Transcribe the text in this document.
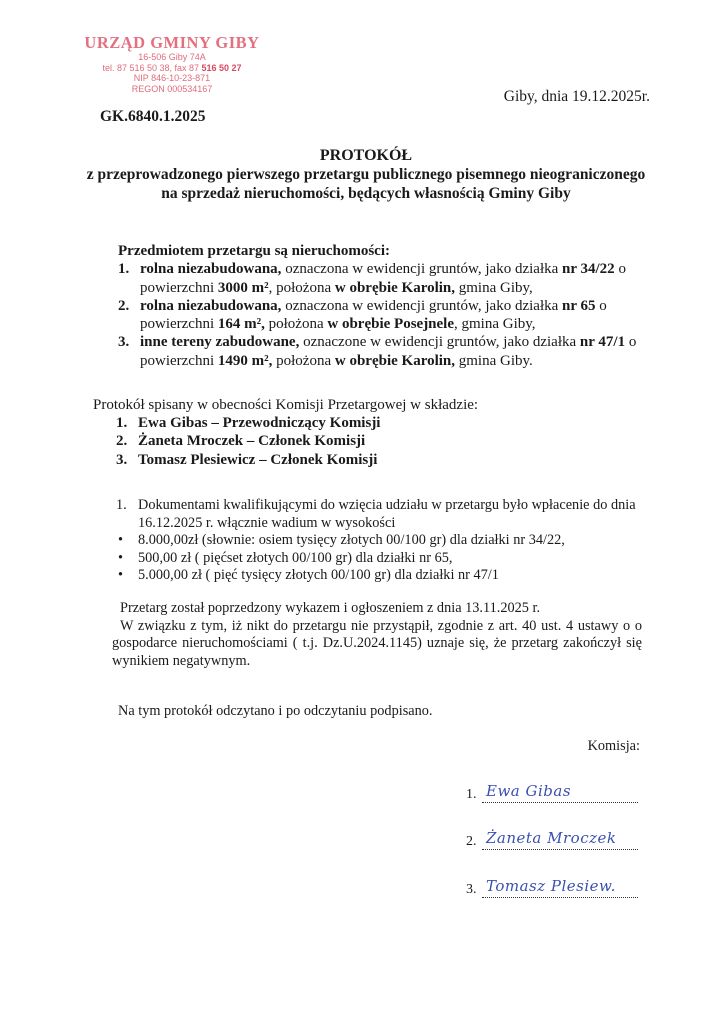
URZĄD GMINY GIBY
16-506 Giby 74A
tel. 87 516 50 38, fax 87 516 50 27
NIP 846-10-23-871
REGON 000534167	Giby, dnia 19.12.2025r.
GK.6840.1.2025
PROTOKÓŁ
z przeprowadzonego pierwszego przetargu publicznego pisemnego nieograniczonego na sprzedaż nieruchomości, będących własnością Gminy Giby
Przedmiotem przetargu są nieruchomości:
1. rolna niezabudowana, oznaczona w ewidencji gruntów, jako działka nr 34/22 o powierzchni 3000 m², położona w obrębie Karolin, gmina Giby,
2. rolna niezabudowana, oznaczona w ewidencji gruntów, jako działka nr 65 o powierzchni 164 m², położona w obrębie Posejnele, gmina Giby,
3. inne tereny zabudowane, oznaczone w ewidencji gruntów, jako działka nr 47/1 o powierzchni 1490 m², położona w obrębie Karolin, gmina Giby.
Protokół spisany w obecności Komisji Przetargowej w składzie:
1. Ewa Gibas – Przewodniczący Komisji
2. Żaneta Mroczek – Członek Komisji
3. Tomasz Plesiewicz – Członek Komisji
1. Dokumentami kwalifikującymi do wzięcia udziału w przetargu było wpłacenie do dnia 16.12.2025 r. włącznie wadium w wysokości
• 8.000,00zł (słownie: osiem tysięcy złotych 00/100 gr) dla działki nr 34/22,
• 500,00 zł ( pięćset złotych 00/100 gr) dla działki nr 65,
• 5.000,00 zł ( pięć tysięcy złotych 00/100 gr) dla działki nr 47/1
Przetarg został poprzedzony wykazem i ogłoszeniem z dnia 13.11.2025 r.
W związku z tym, iż nikt do przetargu nie przystąpił, zgodnie z art. 40 ust. 4 ustawy o o gospodarce nieruchomościami ( t.j. Dz.U.2024.1145) uznaje się, że przetarg zakończył się wynikiem negatywnym.
Na tym protokół odczytano i po odczytaniu podpisano.
Komisja:
1. Ewa Gibas
2. Żaneta Mroczek
3. Tomasz Plesiew.
